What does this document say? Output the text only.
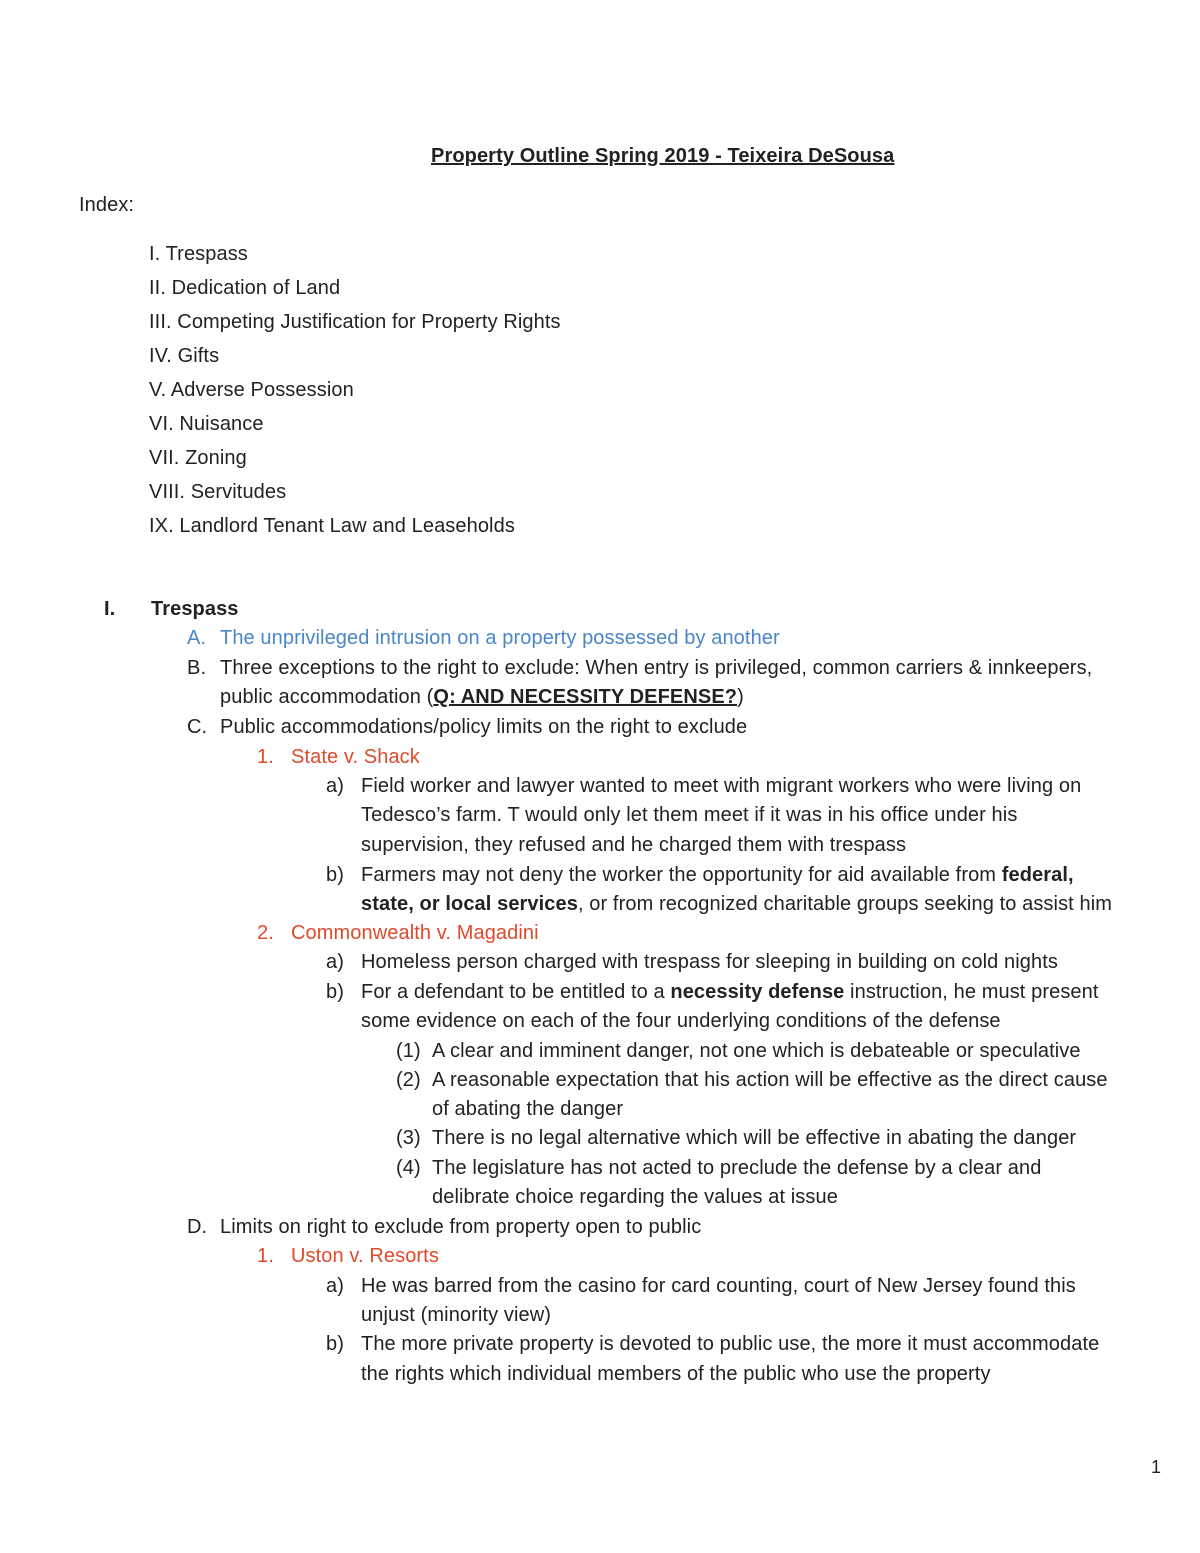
Property Outline Spring 2019 - Teixeira DeSousa
Index:
I. Trespass
II. Dedication of Land
III. Competing Justification for Property Rights
IV. Gifts
V. Adverse Possession
VI. Nuisance
VII. Zoning
VIII. Servitudes
IX. Landlord Tenant Law and Leaseholds
I. Trespass
A. The unprivileged intrusion on a property possessed by another
B. Three exceptions to the right to exclude: When entry is privileged, common carriers & innkeepers,
public accommodation (Q: AND NECESSITY DEFENSE?)
C. Public accommodations/policy limits on the right to exclude
1. State v. Shack
a) Field worker and lawyer wanted to meet with migrant workers who were living on
Tedesco’s farm. T would only let them meet if it was in his office under his
supervision, they refused and he charged them with trespass
b) Farmers may not deny the worker the opportunity for aid available from federal,
state, or local services, or from recognized charitable groups seeking to assist him
2. Commonwealth v. Magadini
a) Homeless person charged with trespass for sleeping in building on cold nights
b) For a defendant to be entitled to a necessity defense instruction, he must present
some evidence on each of the four underlying conditions of the defense
(1) A clear and imminent danger, not one which is debateable or speculative
(2) A reasonable expectation that his action will be effective as the direct cause
of abating the danger
(3) There is no legal alternative which will be effective in abating the danger
(4) The legislature has not acted to preclude the defense by a clear and
delibrate choice regarding the values at issue
D. Limits on right to exclude from property open to public
1. Uston v. Resorts
a) He was barred from the casino for card counting, court of New Jersey found this
unjust (minority view)
b) The more private property is devoted to public use, the more it must accommodate
the rights which individual members of the public who use the property
1
